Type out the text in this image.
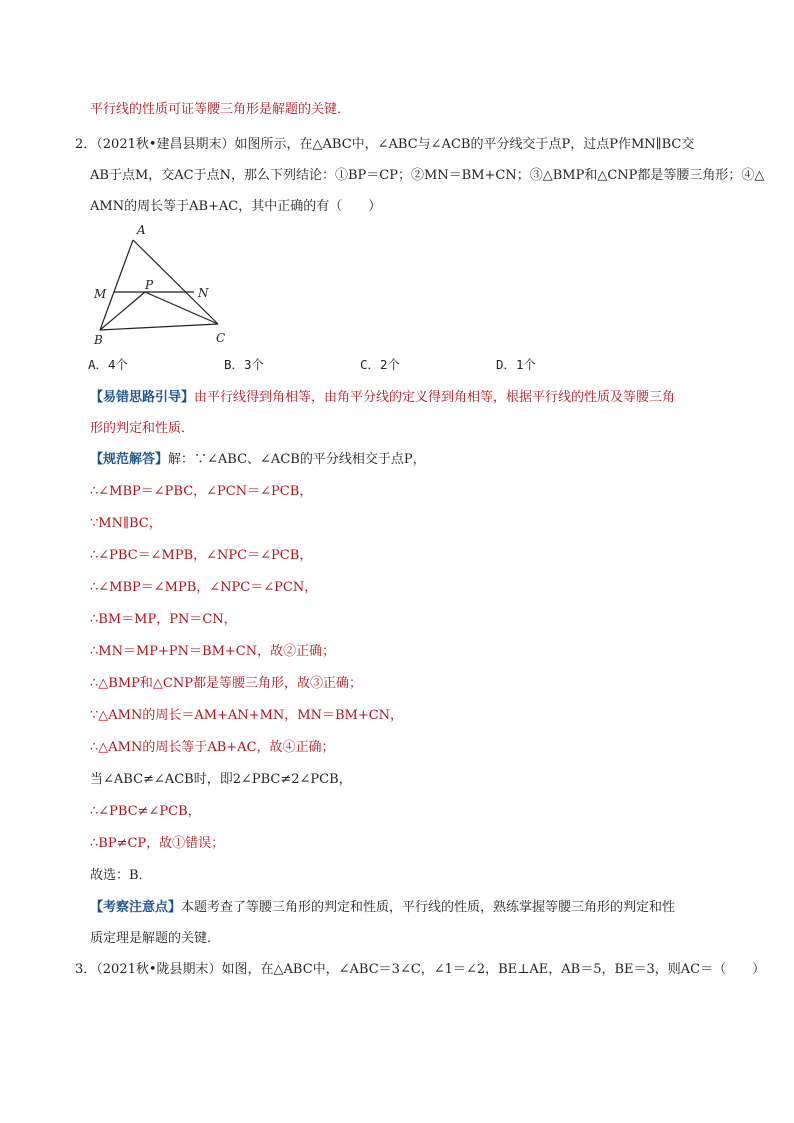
平行线的性质可证等腰三角形是解题的关键．
2．（2021秋•建昌县期末）如图所示，在△ABC中，∠ABC与∠ACB的平分线交于点P，过点P作MN∥BC交
AB于点M，交AC于点N，那么下列结论：①BP＝CP；②MN＝BM+CN；③△BMP和△CNP都是等腰三角形；④△
AMN的周长等于AB+AC，其中正确的有（　　）
A
M
P
N
B	C
A．4个	B．3个	C．2个	D．1个
【易错思路引导】由平行线得到角相等，由角平分线的定义得到角相等，根据平行线的性质及等腰三角
形的判定和性质．
【规范解答】解：∵∠ABC、∠ACB的平分线相交于点P，
∴∠MBP＝∠PBC，∠PCN＝∠PCB，
∵MN∥BC，
∴∠PBC＝∠MPB，∠NPC＝∠PCB，
∴∠MBP＝∠MPB，∠NPC＝∠PCN，
∴BM＝MP，PN＝CN，
∴MN＝MP+PN＝BM+CN，故②正确；
∴△BMP和△CNP都是等腰三角形，故③正确；
∵△AMN的周长＝AM+AN+MN，MN＝BM+CN，
∴△AMN的周长等于AB+AC，故④正确；
当∠ABC≠∠ACB时，即2∠PBC≠2∠PCB，
∴∠PBC≠∠PCB，
∴BP≠CP，故①错误；
故选：B．
【考察注意点】本题考查了等腰三角形的判定和性质，平行线的性质，熟练掌握等腰三角形的判定和性
质定理是解题的关键．
3．（2021秋•陇县期末）如图，在△ABC中，∠ABC＝3∠C，∠1＝∠2，BE⊥AE，AB＝5，BE＝3，则AC＝（　　）
